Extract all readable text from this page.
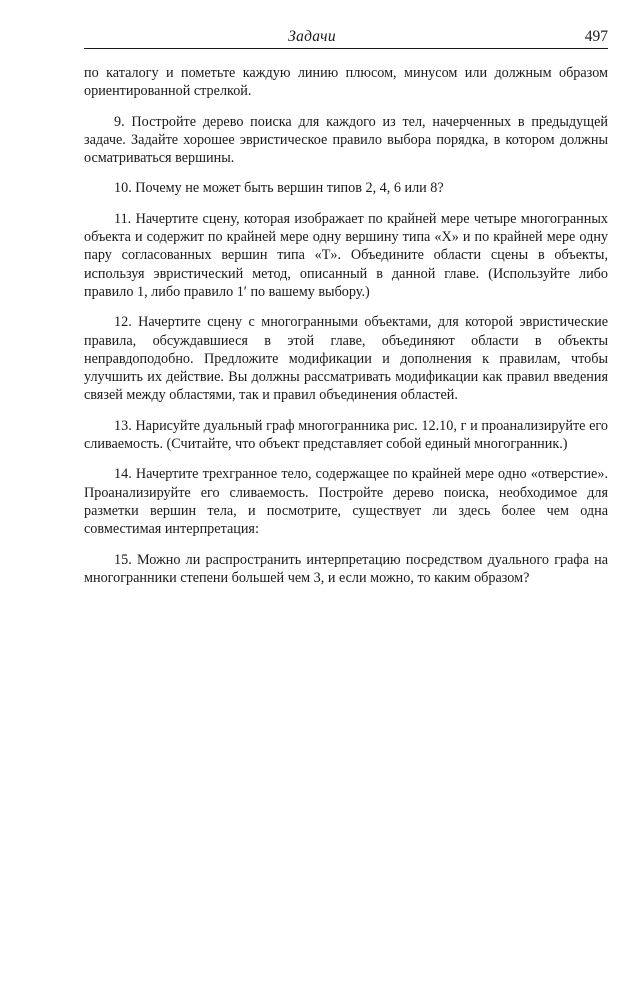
Задачи	497

по каталогу и пометьте каждую линию плюсом, минусом или должным образом ориентированной стрелкой.

9. Постройте дерево поиска для каждого из тел, начерченных в предыдущей задаче. Задайте хорошее эвристическое правило выбора порядка, в котором должны осматриваться вершины.

10. Почему не может быть вершин типов 2, 4, 6 или 8?

11. Начертите сцену, которая изображает по крайней мере четыре многогранных объекта и содержит по крайней мере одну вершину типа «X» и по крайней мере одну пару согласованных вершин типа «T». Объедините области сцены в объекты, используя эвристический метод, описанный в данной главе. (Используйте либо правило 1, либо правило 1′ по вашему выбору.)

12. Начертите сцену с многогранными объектами, для которой эвристические правила, обсуждавшиеся в этой главе, объединяют области в объекты неправдоподобно. Предложите модификации и дополнения к правилам, чтобы улучшить их действие. Вы должны рассматривать модификации как правил введения связей между областями, так и правил объединения областей.

13. Нарисуйте дуальный граф многогранника рис. 12.10, г и проанализируйте его сливаемость. (Считайте, что объект представляет собой единый многогранник.)

14. Начертите трехгранное тело, содержащее по крайней мере одно «отверстие». Проанализируйте его сливаемость. Постройте дерево поиска, необходимое для разметки вершин тела, и посмотрите, существует ли здесь более чем одна совместимая интерпретация:

15. Можно ли распространить интерпретацию посредством дуального графа на многогранники степени большей чем 3, и если можно, то каким образом?
